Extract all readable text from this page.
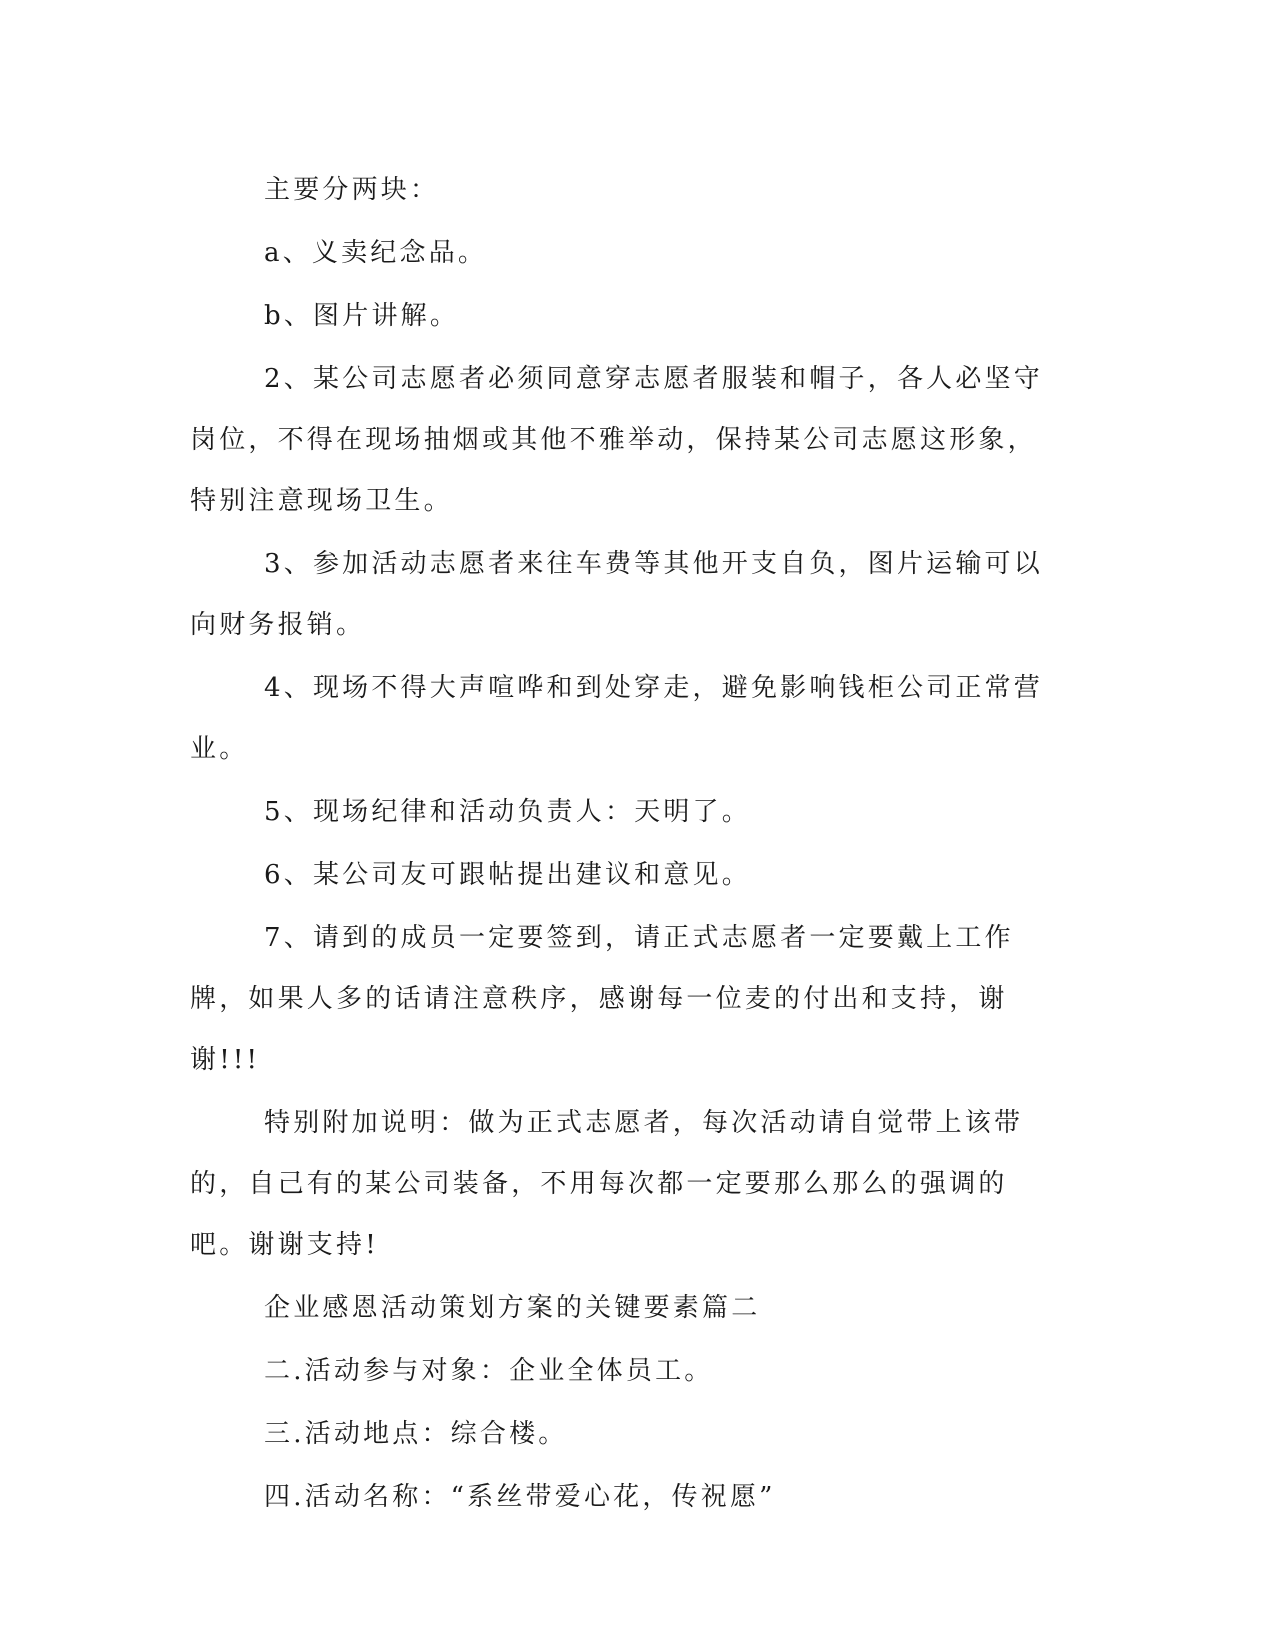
主要分两块：

a、义卖纪念品。

b、图片讲解。

2、某公司志愿者必须同意穿志愿者服装和帽子，各人必坚守岗位，不得在现场抽烟或其他不雅举动，保持某公司志愿这形象，特别注意现场卫生。

3、参加活动志愿者来往车费等其他开支自负，图片运输可以向财务报销。

4、现场不得大声喧哗和到处穿走，避免影响钱柜公司正常营业。

5、现场纪律和活动负责人：天明了。

6、某公司友可跟帖提出建议和意见。

7、请到的成员一定要签到，请正式志愿者一定要戴上工作牌，如果人多的话请注意秩序，感谢每一位麦的付出和支持，谢谢!!!

特别附加说明：做为正式志愿者，每次活动请自觉带上该带的，自己有的某公司装备，不用每次都一定要那么那么的强调的吧。谢谢支持!

企业感恩活动策划方案的关键要素篇二

二.活动参与对象：企业全体员工。

三.活动地点：综合楼。

四.活动名称：“系丝带爱心花，传祝愿”
